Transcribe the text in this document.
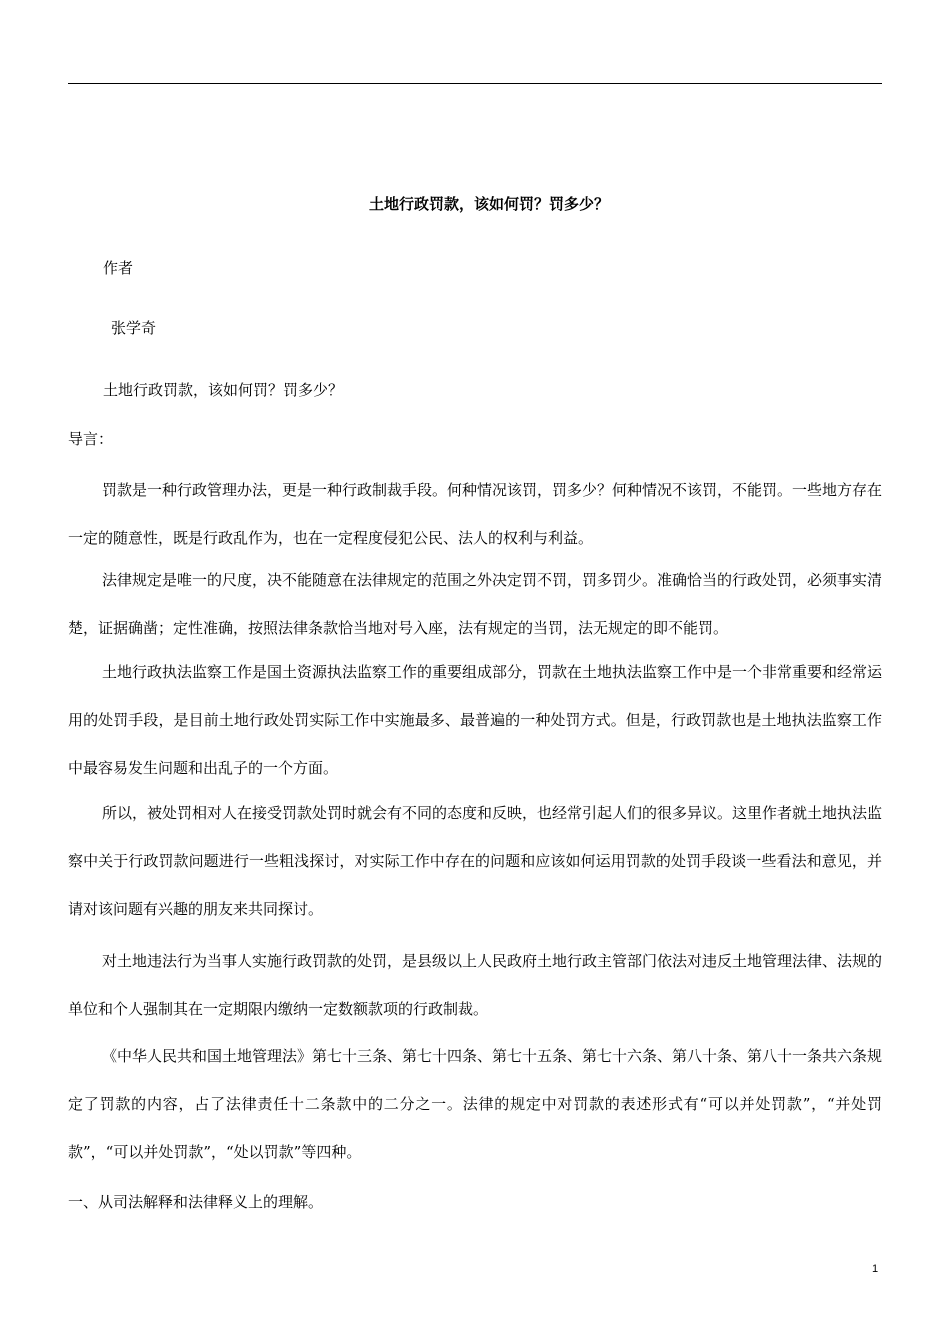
土地行政罚款，该如何罚？罚多少？
作者
张学奇
土地行政罚款，该如何罚？罚多少？
导言：
罚款是一种行政管理办法，更是一种行政制裁手段。何种情况该罚，罚多少？何种情况不该罚，不能罚。一些地方存在一定的随意性，既是行政乱作为，也在一定程度侵犯公民、法人的权利与利益。
法律规定是唯一的尺度，决不能随意在法律规定的范围之外决定罚不罚，罚多罚少。准确恰当的行政处罚，必须事实清楚，证据确凿；定性准确，按照法律条款恰当地对号入座，法有规定的当罚，法无规定的即不能罚。
土地行政执法监察工作是国土资源执法监察工作的重要组成部分，罚款在土地执法监察工作中是一个非常重要和经常运用的处罚手段，是目前土地行政处罚实际工作中实施最多、最普遍的一种处罚方式。但是，行政罚款也是土地执法监察工作中最容易发生问题和出乱子的一个方面。
所以，被处罚相对人在接受罚款处罚时就会有不同的态度和反映，也经常引起人们的很多异议。这里作者就土地执法监察中关于行政罚款问题进行一些粗浅探讨，对实际工作中存在的问题和应该如何运用罚款的处罚手段谈一些看法和意见，并请对该问题有兴趣的朋友来共同探讨。
对土地违法行为当事人实施行政罚款的处罚，是县级以上人民政府土地行政主管部门依法对违反土地管理法律、法规的单位和个人强制其在一定期限内缴纳一定数额款项的行政制裁。
《中华人民共和国土地管理法》第七十三条、第七十四条、第七十五条、第七十六条、第八十条、第八十一条共六条规定了罚款的内容，占了法律责任十二条款中的二分之一。法律的规定中对罚款的表述形式有“可以并处罚款”，“并处罚款”，“可以并处罚款”，“处以罚款”等四种。
一、从司法解释和法律释义上的理解。
1
